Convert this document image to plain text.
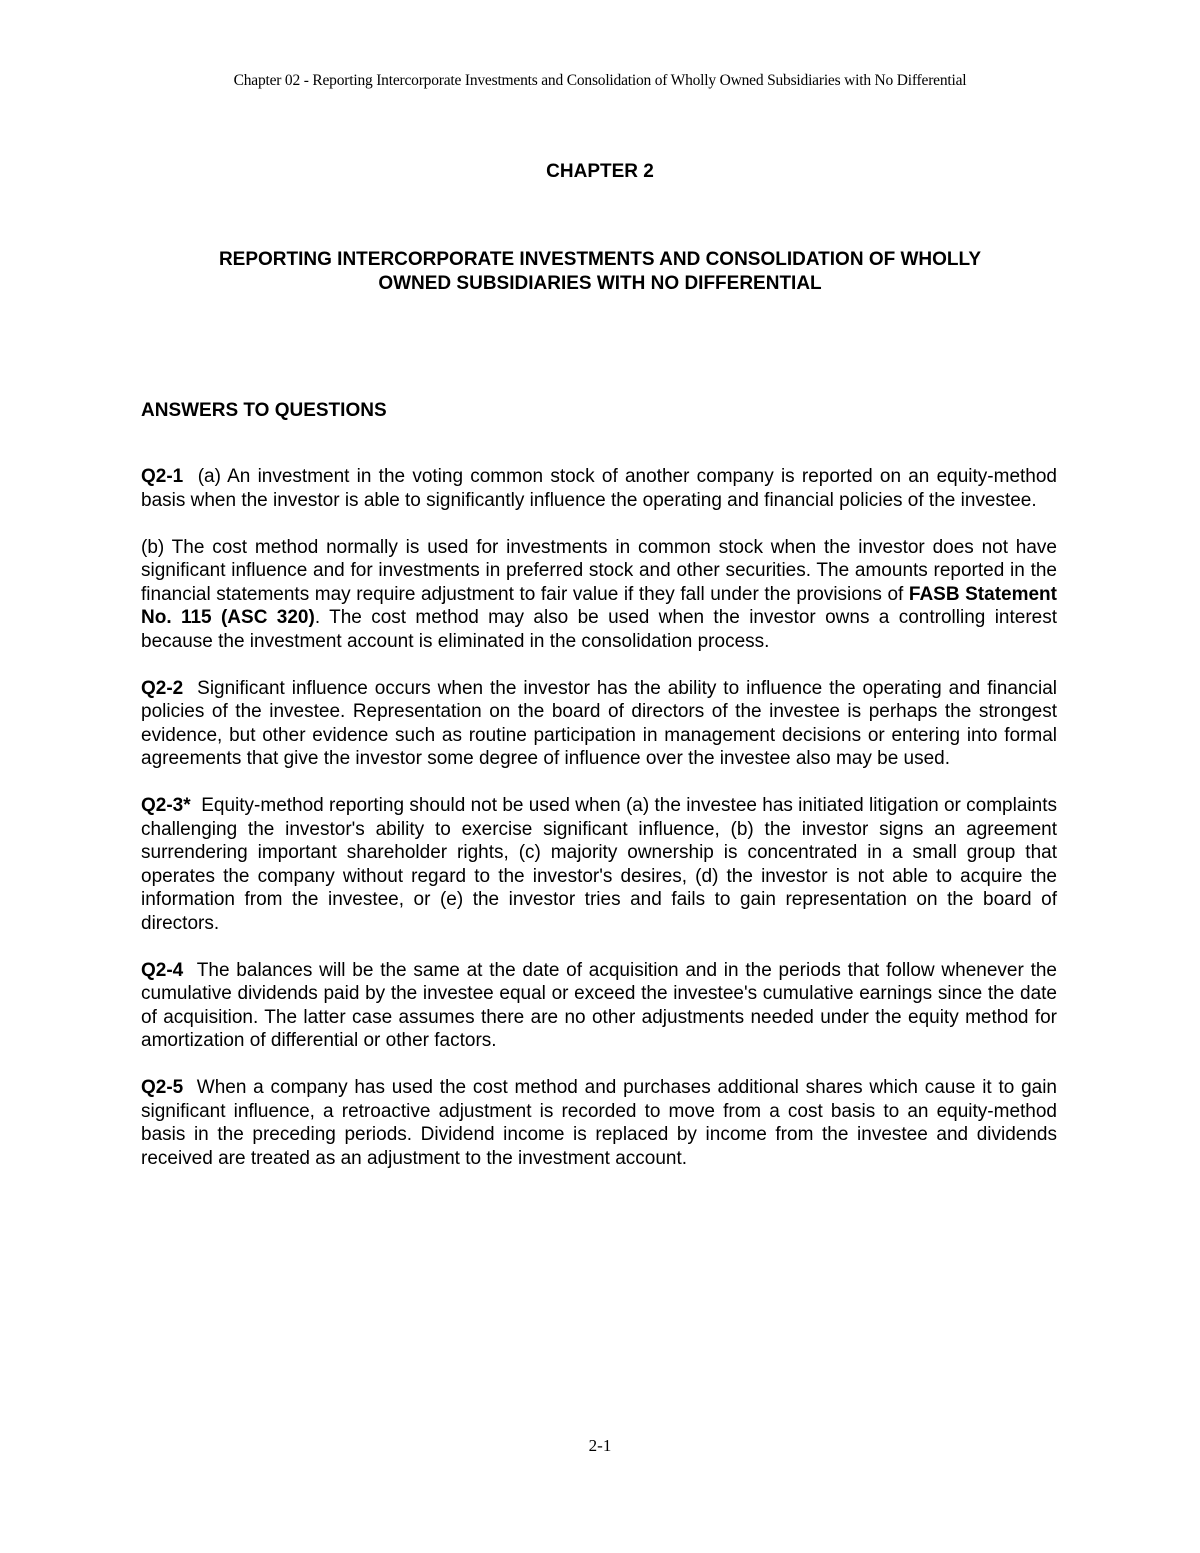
Chapter 02 - Reporting Intercorporate Investments and Consolidation of Wholly Owned Subsidiaries with No Differential
CHAPTER 2
REPORTING INTERCORPORATE INVESTMENTS AND CONSOLIDATION OF WHOLLY
OWNED SUBSIDIARIES WITH NO DIFFERENTIAL
ANSWERS TO QUESTIONS

Q2-1 (a) An investment in the voting common stock of another company is reported on an equity-method basis when the investor is able to significantly influence the operating and financial policies of the investee.

(b) The cost method normally is used for investments in common stock when the investor does not have significant influence and for investments in preferred stock and other securities. The amounts reported in the financial statements may require adjustment to fair value if they fall under the provisions of FASB Statement No. 115 (ASC 320). The cost method may also be used when the investor owns a controlling interest because the investment account is eliminated in the consolidation process.

Q2-2 Significant influence occurs when the investor has the ability to influence the operating and financial policies of the investee. Representation on the board of directors of the investee is perhaps the strongest evidence, but other evidence such as routine participation in management decisions or entering into formal agreements that give the investor some degree of influence over the investee also may be used.

Q2-3* Equity-method reporting should not be used when (a) the investee has initiated litigation or complaints challenging the investor's ability to exercise significant influence, (b) the investor signs an agreement surrendering important shareholder rights, (c) majority ownership is concentrated in a small group that operates the company without regard to the investor's desires, (d) the investor is not able to acquire the information from the investee, or (e) the investor tries and fails to gain representation on the board of directors.

Q2-4 The balances will be the same at the date of acquisition and in the periods that follow whenever the cumulative dividends paid by the investee equal or exceed the investee's cumulative earnings since the date of acquisition. The latter case assumes there are no other adjustments needed under the equity method for amortization of differential or other factors.

Q2-5 When a company has used the cost method and purchases additional shares which cause it to gain significant influence, a retroactive adjustment is recorded to move from a cost basis to an equity-method basis in the preceding periods. Dividend income is replaced by income from the investee and dividends received are treated as an adjustment to the investment account.

2-1
